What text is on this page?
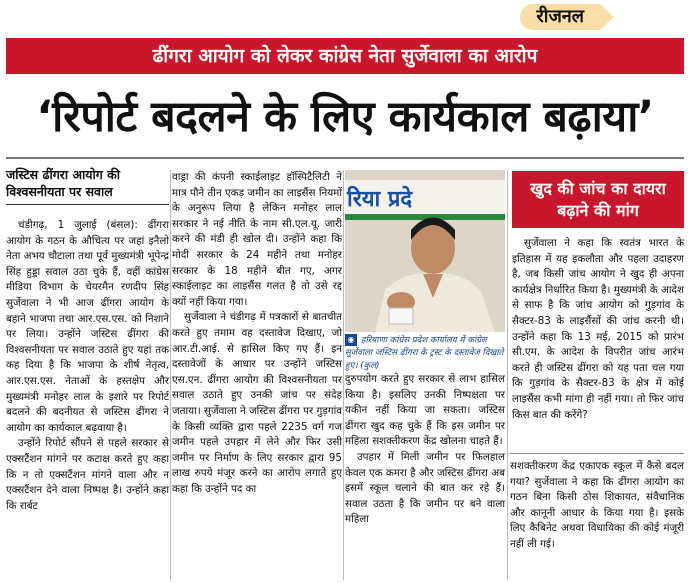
रीजनल
ढींगरा आयोग को लेकर कांग्रेस नेता सुर्जेवाला का आरोप
‘रिपोर्ट बदलने के लिए कार्यकाल बढ़ाया’
जस्टिस ढींगरा आयोग की विश्वसनीयता पर सवाल

चंडीगढ़, 1 जुलाई (बंसल): ढींगरा आयोग के गठन के औचित्य पर जहां इनैलो नेता अभय चौटाला तथा पूर्व मुख्यमंत्री भूपेन्द्र सिंह हुड्डा सवाल उठा चुके हैं, वहीं कांग्रेस मीडिया विभाग के चेयरमैन रणदीप सिंह सुर्जेवाला ने भी आज ढींगरा आयोग के बहाने भाजपा तथा आर.एस.एस. को निशाने पर लिया। उन्होंने जस्टिस ढींगरा की विश्वसनीयता पर सवाल उठाते हुए यहां तक कह दिया है कि भाजपा के शीर्ष नेतृत्व, आर.एस.एस. नेताओं के हस्तक्षेप और मुख्यमंत्री मनोहर लाल के इशारे पर रिपोर्ट बदलने की बदनीयत से जस्टिस ढींगरा ने आयोग का कार्यकाल बढ़वाया है।

उन्होंने रिपोर्ट सौंपने से पहले सरकार से एक्सटैंशन मांगने पर कटाक्ष करते हुए कहा कि न तो एक्सटैंशन मांगने वाला और न एक्सटैंशन देने वाला निष्पक्ष है। उन्होंने कहा कि रार्बट

वाड्रा की कंपनी स्काईलाइट हॉस्पिटैलिटी ने मात्र पौने तीन एकड़ जमीन का लाइसैंस नियमों के अनुरूप लिया है लेकिन मनोहर लाल सरकार ने नई नीति के नाम सी.एल.यू. जारी करने की मंडी ही खोल दी। उन्होंने कहा कि मोदी सरकार के 24 महीने तथा मनोहर सरकार के 18 महीने बीत गए, अगर स्काईलाइट का लाइसैंस गलत है तो उसे रद्द क्यों नहीं किया गया।

सुर्जेवाला ने चंडीगढ़ में पत्रकारों से बातचीत करते हुए तमाम वह दस्तावेज दिखाए, जो आर.टी.आई. से हासिल किए गए हैं। इन दस्तावेजों के आधार पर उन्होंने जस्टिस एस.एन. ढींगरा आयोग की विश्वसनीयता पर सवाल उठाते हुए उनकी जांच पर संदेह जताया। सुर्जेवाला ने जस्टिस ढींगरा पर गुड़गांव के किसी व्यक्ति द्वारा पहले 2235 वर्ग गज जमीन पहले उपहार में लेने और फिर उसी जमीन पर निर्माण के लिए सरकार द्वारा 95 लाख रुपये मंजूर करने का आरोप लगाते हुए कहा कि उन्होंने पद का

रिया प्रदे
◉ हरियाणा कांग्रेस प्रदेश कार्यालय में कांग्रेस सुर्जेवाला जस्टिस ढींगरा के ट्रस्ट के दस्तावेज दिखाते हुए। (कुल)

दुरुपयोग करते हुए सरकार से लाभ हासिल किया है। इसलिए उनकी निष्पक्षता पर यकीन नहीं किया जा सकता। जस्टिस ढींगरा खुद कह चुके हैं कि इस जमीन पर महिला सशक्तीकरण केंद्र खोलना चाहते हैं।

उपहार में मिली जमीन पर फिलहाल केवल एक कमरा है और जस्टिस ढींगरा अब इसमें स्कूल चलाने की बात कर रहे हैं। सवाल उठता है कि जमीन पर बने वाला महिला

खुद की जांच का दायरा बढ़ाने की मांग

सुर्जेवाला ने कहा कि स्वतंत्र भारत के इतिहास में यह इकलौता और पहला उदाहरण है, जब किसी जांच आयोग ने खुद ही अपना कार्यक्षेत्र निर्धारित किया है। मुख्यमंत्री के आदेश से साफ है कि जांच आयोग को गुड़गांव के सैक्टर-83 के लाइसैंसों की जांच करनी थी। उन्होंने कहा कि 13 मई, 2015 को प्रारंभ सी.एम. के आदेश के विपरीत जांच आरंभ करते ही जस्टिस ढींगरा को यह पता चल गया कि गुड़गांव के सैक्टर-83 के क्षेत्र में कोई लाइसैंस कभी मांगा ही नहीं गया। तो फिर जांच किस बात की करेंगे?

सशक्तीकरण केंद्र एकाएक स्कूल में कैसे बदल गया? सुर्जेवाला ने कहा कि ढींगरा आयोग का गठन बिना किसी ठोस शिकायत, संवैधानिक और कानूनी आधार के किया गया है। इसके लिए कैबिनेट अथवा विधायिका की कोई मंजूरी नहीं ली गई।
